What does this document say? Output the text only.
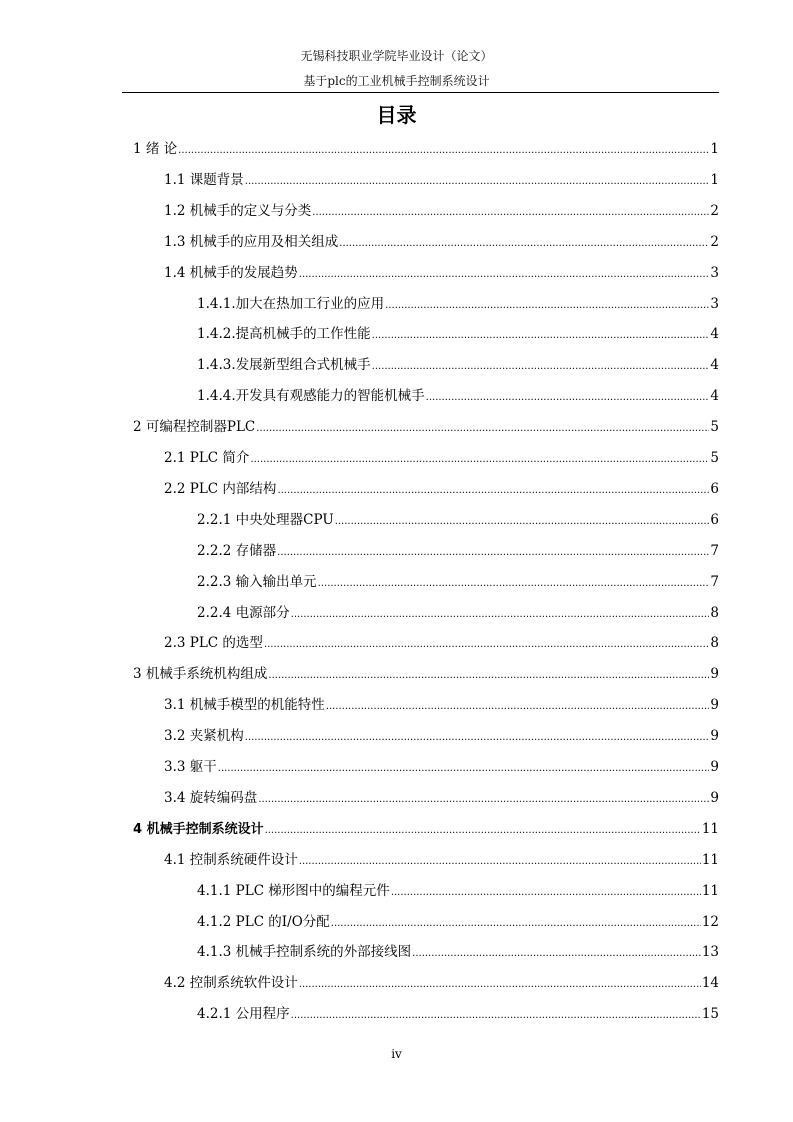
无锡科技职业学院毕业设计（论文）
基于plc的工业机械手控制系统设计
目录
1 绪 论 .....	1
1.1 课题背景 .....	1
1.2 机械手的定义与分类 .....	2
1.3 机械手的应用及相关组成 .....	2
1.4 机械手的发展趋势 .....	3
1.4.1.加大在热加工行业的应用 .....	3
1.4.2.提高机械手的工作性能 .....	4
1.4.3.发展新型组合式机械手 .....	4
1.4.4.开发具有观感能力的智能机械手 .....	4
2 可编程控制器PLC .....	5
2.1 PLC 简介 .....	5
2.2 PLC 内部结构 .....	6
2.2.1 中央处理器CPU .....	6
2.2.2 存储器 .....	7
2.2.3 输入输出单元 .....	7
2.2.4 电源部分 .....	8
2.3 PLC 的选型 .....	8
3 机械手系统机构组成 .....	9
3.1 机械手模型的机能特性 .....	9
3.2 夹紧机构 .....	9
3.3 躯干 .....	9
3.4 旋转编码盘 .....	9
4 机械手控制系统设计 .....	11
4.1 控制系统硬件设计 .....	11
4.1.1 PLC 梯形图中的编程元件 .....	11
4.1.2 PLC 的I/O分配 .....	12
4.1.3 机械手控制系统的外部接线图 .....	13
4.2 控制系统软件设计 .....	14
4.2.1 公用程序 .....	15
iv
